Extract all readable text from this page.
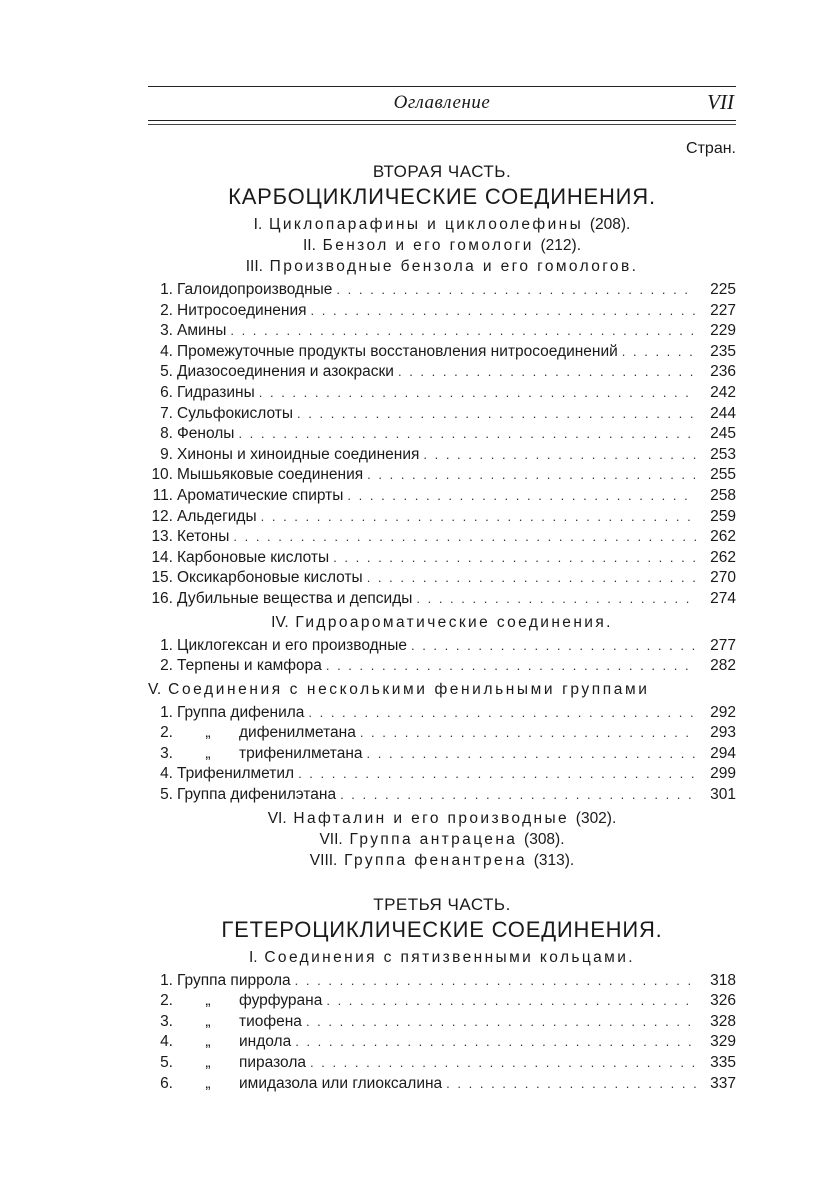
Оглавление	VII

Стран.

ВТОРАЯ ЧАСТЬ.

КАРБОЦИКЛИЧЕСКИЕ СОЕДИНЕНИЯ.

I. Циклопарафины и циклоолефины (208).

II. Бензол и его гомологи (212).

III. Производные бензола и его гомологов.

1. Галоидопроизводные . . .	225
2. Нитросоединения . . .	227
3. Амины . . .	229
4. Промежуточные продукты восстановления нитросоединений . . .	235
5. Диазосоединения и азокраски . . .	236
6. Гидразины . . .	242
7. Сульфокислоты . . .	244
8. Фенолы . . .	245
9. Хиноны и хиноидные соединения . . .	253
10. Мышьяковые соединения . . .	255
11. Ароматические спирты . . .	258
12. Альдегиды . . .	259
13. Кетоны . . .	262
14. Карбоновые кислоты . . .	262
15. Оксикарбоновые кислоты . . .	270
16. Дубильные вещества и депсиды . . .	274

IV. Гидроароматические соединения.

1. Циклогексан и его производные . . .	277
2. Терпены и камфора . . .	282

V. Соединения с несколькими фенильными группами

1. Группа дифенила . . .	292
2.	„	дифенилметана . . .	293
3.	„	трифенилметана . . .	294
4. Трифенилметил . . .	299
5. Группа дифенилэтана . . .	301

VI. Нафталин и его производные (302).

VII. Группа антрацена (308).

VIII. Группа фенантрена (313).

ТРЕТЬЯ ЧАСТЬ.

ГЕТЕРОЦИКЛИЧЕСКИЕ СОЕДИНЕНИЯ.

I. Соединения с пятизвенными кольцами.

1. Группа пиррола . . .	318
2.	„	фурфурана . . .	326
3.	„	тиофена . . .	328
4.	„	индола . . .	329
5.	„	пиразола . . .	335
6.	„	имидазола или глиоксалина . . .	337
